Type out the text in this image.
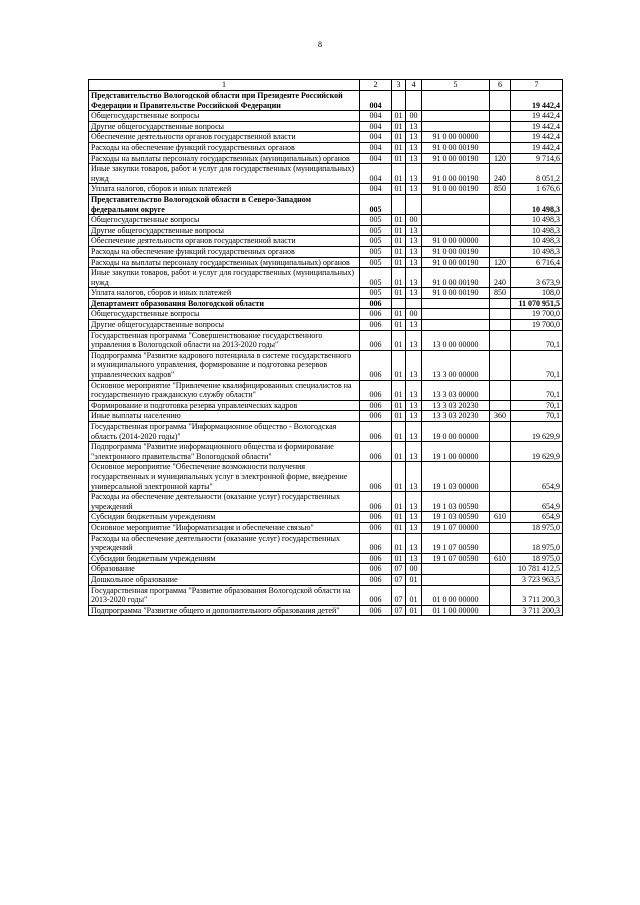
8
1	2	3	4	5	6	7
Представительство Вологодской области при Президенте Российской Федерации и Правительстве Российской Федерации	004					19 442,4
Общегосударственные вопросы	004	01	00			19 442,4
Другие общегосударственные вопросы	004	01	13			19 442,4
Обеспечение деятельности органов государственной власти	004	01	13	91 0 00 00000		19 442,4
Расходы на обеспечение функций государственных органов	004	01	13	91 0 00 00190		19 442,4
Расходы на выплаты персоналу государственных (муниципальных) органов	004	01	13	91 0 00 00190	120	9 714,6
Иные закупки товаров, работ и услуг для государственных (муниципальных) нужд	004	01	13	91 0 00 00190	240	8 051,2
Уплата налогов, сборов и иных платежей	004	01	13	91 0 00 00190	850	1 676,6
Представительство Вологодской области в Северо-Западном федеральном округе	005					10 498,3
Общегосударственные вопросы	005	01	00			10 498,3
Другие общегосударственные вопросы	005	01	13			10 498,3
Обеспечение деятельности органов государственной власти	005	01	13	91 0 00 00000		10 498,3
Расходы на обеспечение функций государственных органов	005	01	13	91 0 00 00190		10 498,3
Расходы на выплаты персоналу государственных (муниципальных) органов	005	01	13	91 0 00 00190	120	6 716,4
Иные закупки товаров, работ и услуг для государственных (муниципальных) нужд	005	01	13	91 0 00 00190	240	3 673,9
Уплата налогов, сборов и иных платежей	005	01	13	91 0 00 00190	850	108,0
Департамент образования Вологодской области	006					11 070 951,5
Общегосударственные вопросы	006	01	00			19 700,0
Другие общегосударственные вопросы	006	01	13			19 700,0
Государственная программа "Совершенствование государственного управления в Вологодской области на 2013-2020 годы"	006	01	13	13 0 00 00000		70,1
Подпрограмма "Развитие кадрового потенциала в системе государственного и муниципального управления, формирование и подготовка резервов управленческих кадров"	006	01	13	13 3 00 00000		70,1
Основное мероприятие "Привлечение квалифицированных специалистов на государственную гражданскую службу области"	006	01	13	13 3 03 00000		70,1
Формирование и подготовка резерва управленческих кадров	006	01	13	13 3 03 20230		70,1
Иные выплаты населению	006	01	13	13 3 03 20230	360	70,1
Государственная программа "Информационное общество - Вологодская область (2014-2020 годы)"	006	01	13	19 0 00 00000		19 629,9
Подпрограмма "Развитие информационного общества и формирование "электронного правительства" Вологодской области"	006	01	13	19 1 00 00000		19 629,9
Основное мероприятие "Обеспечение возможности получения государственных и муниципальных услуг в электронной форме, внедрение универсальной электронной карты"	006	01	13	19 1 03 00000		654,9
Расходы на обеспечение деятельности (оказание услуг) государственных учреждений	006	01	13	19 1 03 00590		654,9
Субсидии бюджетным учреждениям	006	01	13	19 1 03 00590	610	654,9
Основное мероприятие "Информатизация и обеспечение связью"	006	01	13	19 1 07 00000		18 975,0
Расходы на обеспечение деятельности (оказание услуг) государственных учреждений	006	01	13	19 1 07 00590		18 975,0
Субсидии бюджетным учреждениям	006	01	13	19 1 07 00590	610	18 975,0
Образование	006	07	00			10 781 412,5
Дошкольное образование	006	07	01			3 723 963,5
Государственная программа "Развитие образования Вологодской области на 2013-2020 годы"	006	07	01	01 0 00 00000		3 711 200,3
Подпрограмма "Развитие общего и дополнительного образования детей"	006	07	01	01 1 00 00000		3 711 200,3
